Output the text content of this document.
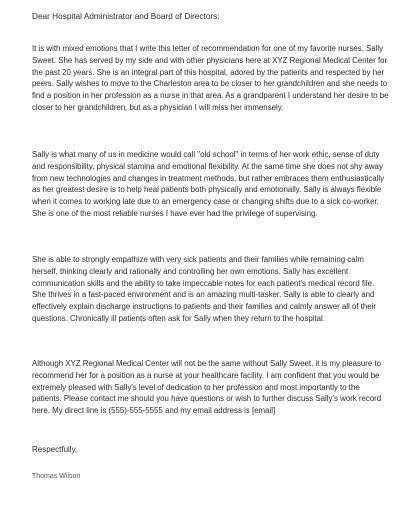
Dear Hospital Administrator and Board of Directors:

It is with mixed emotions that I write this letter of recommendation for one of my favorite nurses, Sally Sweet. She has served by my side and with other physicians here at XYZ Regional Medical Center for the past 20 years. She is an integral part of this hospital, adored by the patients and respected by her peers. Sally wishes to move to the Charleston area to be closer to her grandchildren and she needs to find a position in her profession as a nurse in that area. As a grandparent I understand her desire to be closer to her grandchildren, but as a physician I will miss her immensely.

Sally is what many of us in medicine would call "old school" in terms of her work ethic, sense of duty and responsibility, physical stamina and emotional flexibility. At the same time she does not shy away from new technologies and changes in treatment methods, but rather embraces them enthusiastically as her greatest desire is to help heal patients both physically and emotionally. Sally is always flexible when it comes to working late due to an emergency case or changing shifts due to a sick co-worker. She is one of the most reliable nurses I have ever had the privilege of supervising.

She is able to strongly empathize with very sick patients and their families while remaining calm herself, thinking clearly and rationally and controlling her own emotions. Sally has excellent communication skills and the ability to take impeccable notes for each patient's medical record file. She thrives in a fast-paced environment and is an amazing multi-tasker. Sally is able to clearly and effectively explain discharge instructions to patients and their families and calmly answer all of their questions. Chronically ill patients often ask for Sally when they return to the hospital.

Although XYZ Regional Medical Center will not be the same without Sally Sweet, it is my pleasure to recommend her for a position as a nurse at your healthcare facility. I am confident that you would be extremely pleased with Sally's level of dedication to her profession and most importantly to the patients. Please contact me should you have questions or wish to further discuss Sally's work record here. My direct line is (555)-555-5555 and my email address is [email]

Respectfully,

Thomas Wilson
